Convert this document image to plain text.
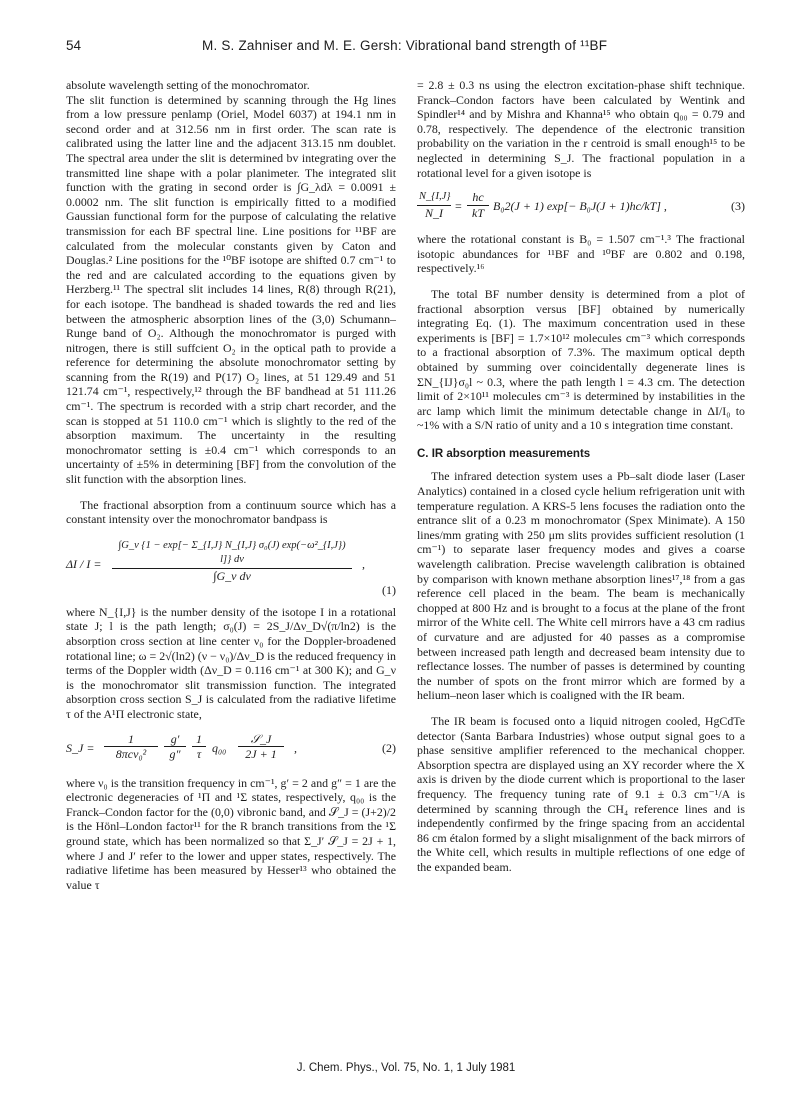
54	M. S. Zahniser and M. E. Gersh: Vibrational band strength of ¹¹BF

absolute wavelength setting of the monochromator.

The slit function is determined by scanning through the Hg lines from a low pressure penlamp (Oriel, Model 6037) at 194.1 nm in second order and at 312.56 nm in first order. The scan rate is calibrated using the latter line and the adjacent 313.15 nm doublet. The spectral area under the slit is determined bv integrating over the transmitted line shape with a polar planimeter. The integrated slit function with the grating in second order is ∫G_λdλ = 0.0091 ± 0.0002 nm. The slit function is empirically fitted to a modified Gaussian functional form for the purpose of calculating the relative transmission for each BF spectral line. Line positions for ¹¹BF are calculated from the molecular constants given by Caton and Douglas.² Line positions for the ¹⁰BF isotope are shifted 0.7 cm⁻¹ to the red and are calculated according to the equations given by Herzberg.¹¹ The spectral slit includes 14 lines, R(8) through R(21), for each isotope. The bandhead is shaded towards the red and lies between the atmospheric absorption lines of the (3,0) Schumann–Runge band of O₂. Although the monochromator is purged with nitrogen, there is still suffcient O₂ in the optical path to provide a reference for determining the absolute monochromator setting by scanning from the R(19) and P(17) O₂ lines, at 51 129.49 and 51 121.74 cm⁻¹, respectively,¹² through the BF bandhead at 51 111.26 cm⁻¹. The spectrum is recorded with a strip chart recorder, and the scan is stopped at 51 110.0 cm⁻¹ which is slightly to the red of the absorption maximum. The uncertainty in the resulting monochromator setting is ±0.4 cm⁻¹ which corresponds to an uncertainty of ±5% in determining [BF] from the convolution of the slit function with the absorption lines.

The fractional absorption from a continuum source which has a constant intensity over the monochromator bandpass is

$\Delta I / I = \frac{\text{∫G\_ν \{1 − exp[− Σ\_\{I,J\} N\_\{I,J\} σ₀(J) exp(−ω²\_\{I,J\}) l]\} dν}}{\text{∫G\_ν dν}}$ ,
(1)

where N_{I,J} is the number density of the isotope I in a rotational state J; l is the path length; σ₀(J) = 2S_J/Δν_D√(π/ln2) is the absorption cross section at line center ν₀ for the Doppler-broadened rotational line; ω = 2√(ln2) (ν − ν₀)/Δν_D is the reduced frequency in terms of the Doppler width (Δν_D = 0.116 cm⁻¹ at 300 K); and G_ν is the monochromator slit transmission function. The integrated absorption cross section S_J is calculated from the radiative lifetime τ of the A¹Π electronic state,

S_J =
1
8πcν₀²	$\frac{g'}{g''} \frac{1}{\tau} q_{00}$
𝒮_J
2J + 1	,	(2)

where ν₀ is the transition frequency in cm⁻¹, g′ = 2 and g″ = 1 are the electronic degeneracies of ¹Π and ¹Σ states, respectively, q₀₀ is the Franck–Condon factor for the (0,0) vibronic band, and 𝒮_J = (J+2)/2 is the Hönl–London factor¹¹ for the R branch transitions from the ¹Σ ground state, which has been normalized so that Σ_J′ 𝒮_J = 2J + 1, where J and J′ refer to the lower and upper states, respectively. The radiative lifetime has been measured by Hesser¹³ who obtained the value τ

= 2.8 ± 0.3 ns using the electron excitation-phase shift technique. Franck–Condon factors have been calculated by Wentink and Spindler¹⁴ and by Mishra and Khanna¹⁵ who obtain q₀₀ = 0.79 and 0.78, respectively. The dependence of the electronic transition probability on the variation in the r centroid is small enough¹⁵ to be neglected in determining S_J. The fractional population in a rotational level for a given isotope is

$\frac{N\_\{I,J\}}{N\_I} = \frac{hc}{kT} B_02(J + 1)$ exp[− B₀J(J + 1)hc/kT] ,	(3)

where the rotational constant is B₀ = 1.507 cm⁻¹.³ The fractional isotopic abundances for ¹¹BF and ¹⁰BF are 0.802 and 0.198, respectively.¹⁶

The total BF number density is determined from a plot of fractional absorption versus [BF] obtained by numerically integrating Eq. (1). The maximum concentration used in these experiments is [BF] = 1.7×10¹² molecules cm⁻³ which corresponds to a fractional absorption of 7.3%. The maximum optical depth obtained by summing over coincidentally degenerate lines is ΣN_{IJ}σ₀l ~ 0.3, where the path length l = 4.3 cm. The detection limit of 2×10¹¹ molecules cm⁻³ is determined by instabilities in the arc lamp which limit the minimum detectable change in ΔI/I₀ to ~1% with a S/N ratio of unity and a 10 s integration time constant.

C. IR absorption measurements

The infrared detection system uses a Pb–salt diode laser (Laser Analytics) contained in a closed cycle helium refrigeration unit with temperature regulation. A KRS-5 lens focuses the radiation onto the entrance slit of a 0.23 m monochromator (Spex Minimate). A 150 lines/mm grating with 250 μm slits provides sufficient resolution (1 cm⁻¹) to separate laser frequency modes and gives a coarse wavelength calibration. Precise wavelength calibration is obtained by comparison with known methane absorption lines¹⁷,¹⁸ from a gas reference cell placed in the beam. The beam is mechanically chopped at 800 Hz and is brought to a focus at the plane of the front mirror of the White cell. The White cell mirrors have a 43 cm radius of curvature and are adjusted for 40 passes as a compromise between increased path length and decreased beam intensity due to reflectance losses. The number of passes is determined by counting the number of spots on the front mirror which are formed by a helium–neon laser which is coaligned with the IR beam.

The IR beam is focused onto a liquid nitrogen cooled, HgCdTe detector (Santa Barbara Industries) whose output signal goes to a phase sensitive amplifier referenced to the mechanical chopper. Absorption spectra are displayed using an XY recorder where the X axis is driven by the diode current which is proportional to the laser frequency. The frequency tuning rate of 9.1 ± 0.3 cm⁻¹/A is determined by scanning through the CH₄ reference lines and is independently confirmed by the fringe spacing from an accidental 86 cm étalon formed by a slight misalignment of the back mirrors of the White cell, which results in multiple reflections of one edge of the expanded beam.

J. Chem. Phys., Vol. 75, No. 1, 1 July 1981
